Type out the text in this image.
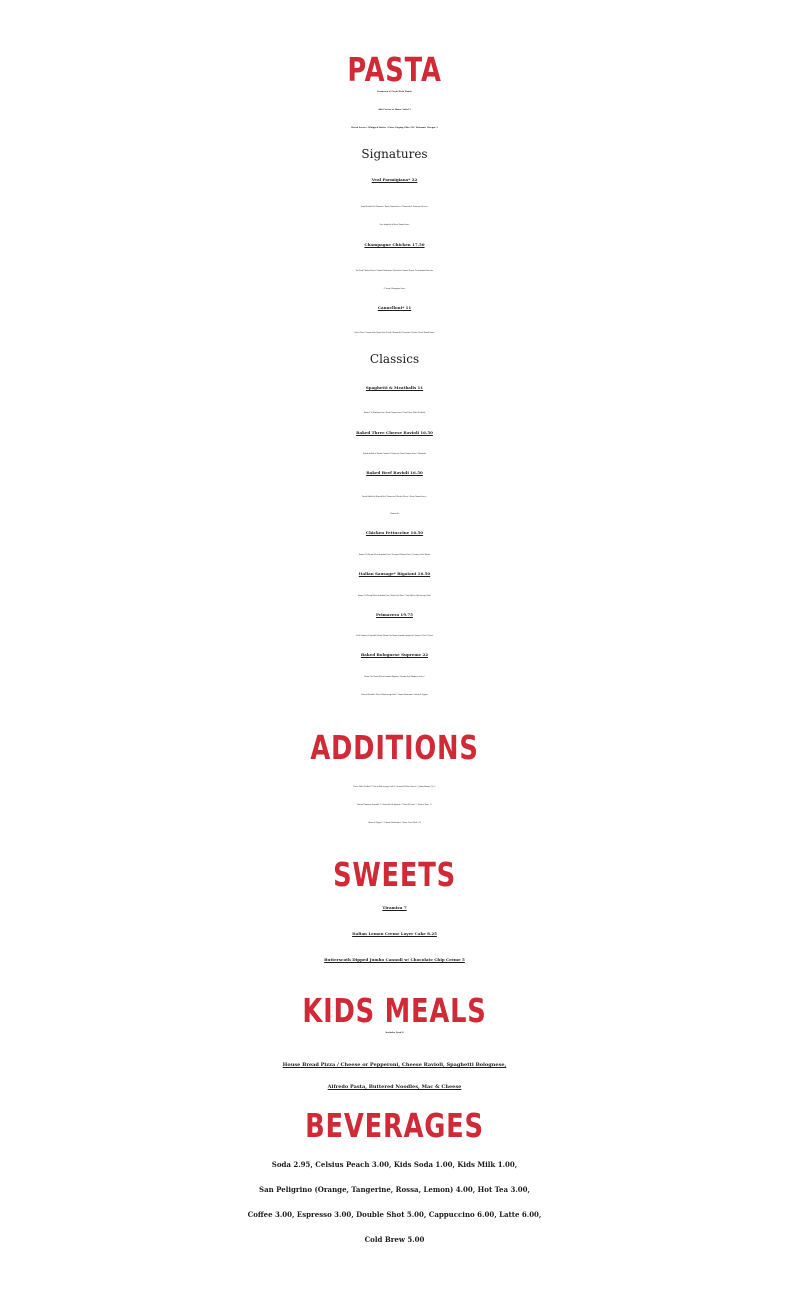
PASTA
Parmesan & Fresh Herb Finish
Add Caesar or House Salad 5
Bread Service -Whipped Butter / Extra Virging Olive Oil / Balsamic Vinegar 3
Signatures
Veal Parmigiana* 22
Hand Breaded Veal Parmesan / Rustic Tomato Sauce / Mozzarella & Parmesan Cheeses /
Over Spaghetti w/Rustic Tomato Sauce
Champagne Chicken 17.50
Pan Fried Chicken Breast / Crimini Mushrooms / Bruschetta Tomatos Bronze Cut SemolinaFettuccine
/ Creamy Champagne Sauce
Cannelloni* 11
Rolled Pasta / Country Style Italian Beef & Pork / Mozzarella / Prosciutto / Ricotta / Rustic Tomato Sauce
Classics
Spaghetti & Meatballs 11
Bronze Cut Semolina Pasta / Rustic Tomato Sauce / Twin House Made Meatballs
Baked Three Cheese Ravioli 16.50
Ravioli Stuffed w/ Ricotta, Fontina & Parmesan / Rustic Tomato Sauce / Mozzarella
Baked Beef Ravioli 16.50
Ravioli Stuffed w/ Braised Beef / Parmesan & Ricotta Cheese / Rustic Tomato Sauce /
Mozzarella
Chicken Fettuccine 16.50
Bronze Cut Durum Wheat Semolina Pasta / Seasoned Chicken Breast / Creamy Garlic Alfredo
Italian Sausage* Rigatoni 16.50
Bronze Cut Durum Wheat Semolina Pasta / Rustic Red Sauce / Twin Mild or Hot Sausage Links*
Primavera 19.75
Fresh Primavera Vegetable Blend / Bronze Cut Durum Semolina Spaghetti / Genovese Pesto / Cream
Baked Bolognese Supreme 22
Bronze Cut Durum Wheat Semolina Rigatoni / Country Style Bolognese Sauce /
Colossal Meatball / Hot or Mild Sausage Link* / Crimini Mushrooms / Onions & Peppers
ADDITIONS
House Made Meatball 3 / Hot or Mild Sausage Link* 4 / Seasoned Chicken Breast 5 / Jumbo Shrimp* (3) 4 /
Roasted Primavera Vegetable 7 / Sauteed Fresh Spinach 6 / Pasta No Sauce 5 / Pasta w/ Sauce 7 /
Onions & Peppers 5 / Crimini Mushrooms 4 / House Pasta Salad 3.50
SWEETS
Tiramisu 7
Italian Lemon Creme Layer Cake 8.25
Butterscoth Dipped Jumbo Cannoli w/ Chocolate Chip Creme 5
KIDS MEALS
Includes Fruit 8
House Bread Pizza / Cheese or Pepperoni, Cheese Ravioli, Spaghetti Bolognese,
Alfredo Pasta, Buttered Noodles, Mac & Cheese
BEVERAGES
Soda 2.95, Celsius Peach 3.00, Kids Soda 1.00, Kids Milk 1.00,
San Peligrino (Orange, Tangerine, Rossa, Lemon) 4.00, Hot Tea 3.00,
Coffee 3.00, Espresso 3.00, Double Shot 5.00, Cappuccino 6.00, Latte 6.00,
Cold Brew 5.00
